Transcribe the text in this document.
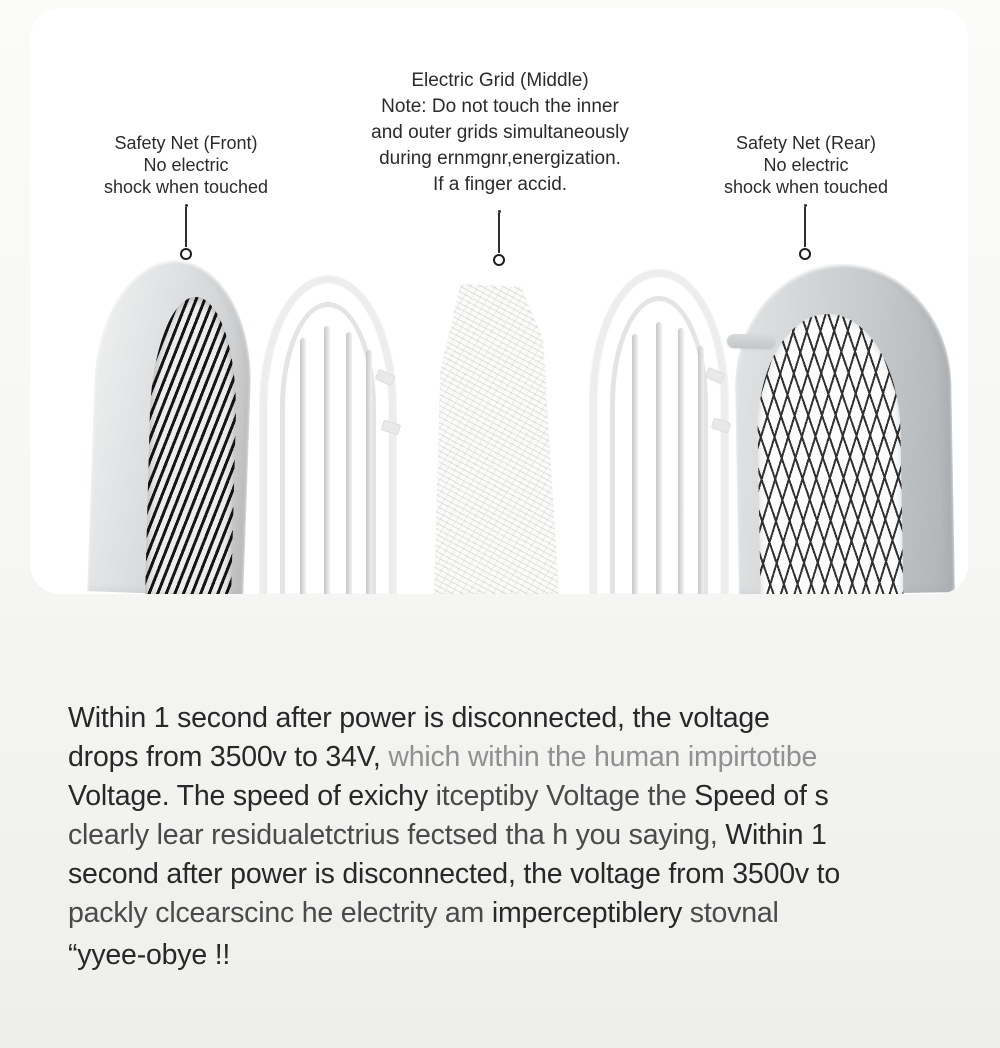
Safety Net (Front)
No electric
shock when touched
Electric Grid (Middle)
Note: Do not touch the inner
and outer grids simultaneously
during ernmgnr,energization.
If a finger accid.
Safety Net (Rear)
No electric
shock when touched
Within 1 second after power is disconnected, the voltage
drops from 3500v to 34V, which within the human impirtotibe
Voltage. The speed of exichy itceptiby Voltage the Speed of s
clearly lear residualetctrius fectsed tha h you saying, Within 1
second after power is disconnected, the voltage from 3500v to
packly clcearscinc he electrity am imperceptiblery stovnal
“yyee-obye !!
